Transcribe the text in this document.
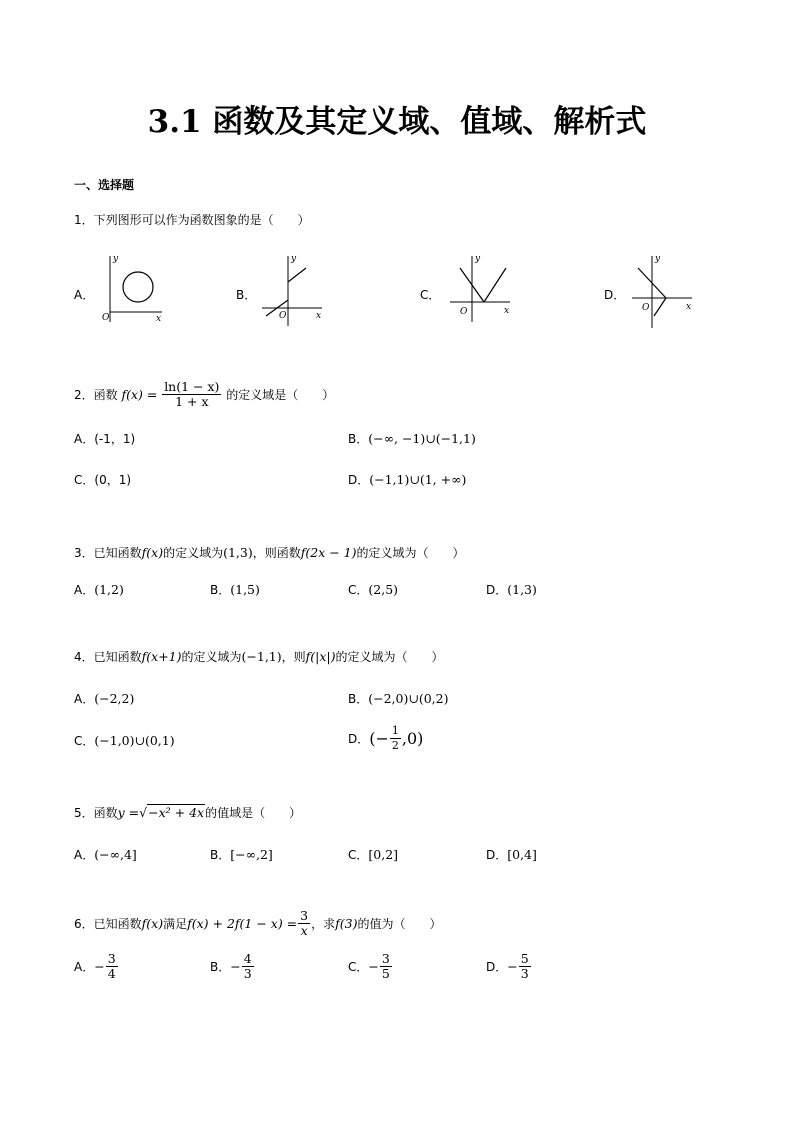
3.1 函数及其定义域、值域、解析式
一、选择题
1．下列图形可以作为函数图象的是（　　）
A．
y
x
O
B．
y
x
O
C．
y
x
O
D．
y
x
O
2．函数 $f(x) = \frac{\ln(1 - x)}{1 + x}$ 的定义域是（　　）
A．(-1，1)	B．(−∞, −1)∪(−1,1)
C．(0，1)	D．(−1,1)∪(1, +∞)
3．已知函数f(x)的定义域为(1,3)，则函数f(2x − 1)的定义域为（　　）
A．(1,2)	B．(1,5)	C．(2,5)	D．(1,3)
4．已知函数f(x+1)的定义域为(−1,1)，则f(|x|)的定义域为（　　）
A．(−2,2)	B．(−2,0)∪(0,2)
C．(−1,0)∪(0,1)	D．(− $\frac{1}{2} ,0$)
5．函数y =√−x² + 4x的值域是（　　）
A．(−∞,4]	B．[−∞,2]	C．[0,2]	D．[0,4]
6．已知函数f(x)满足$f(x) + 2f(1 - x) = \frac{3}{x}$ ，求f(3)的值为（　　）
A．− $\frac{3}{4}$	B．− $\frac{4}{3}$	C．− $\frac{3}{5}$	D．− $\frac{5}{3}$
